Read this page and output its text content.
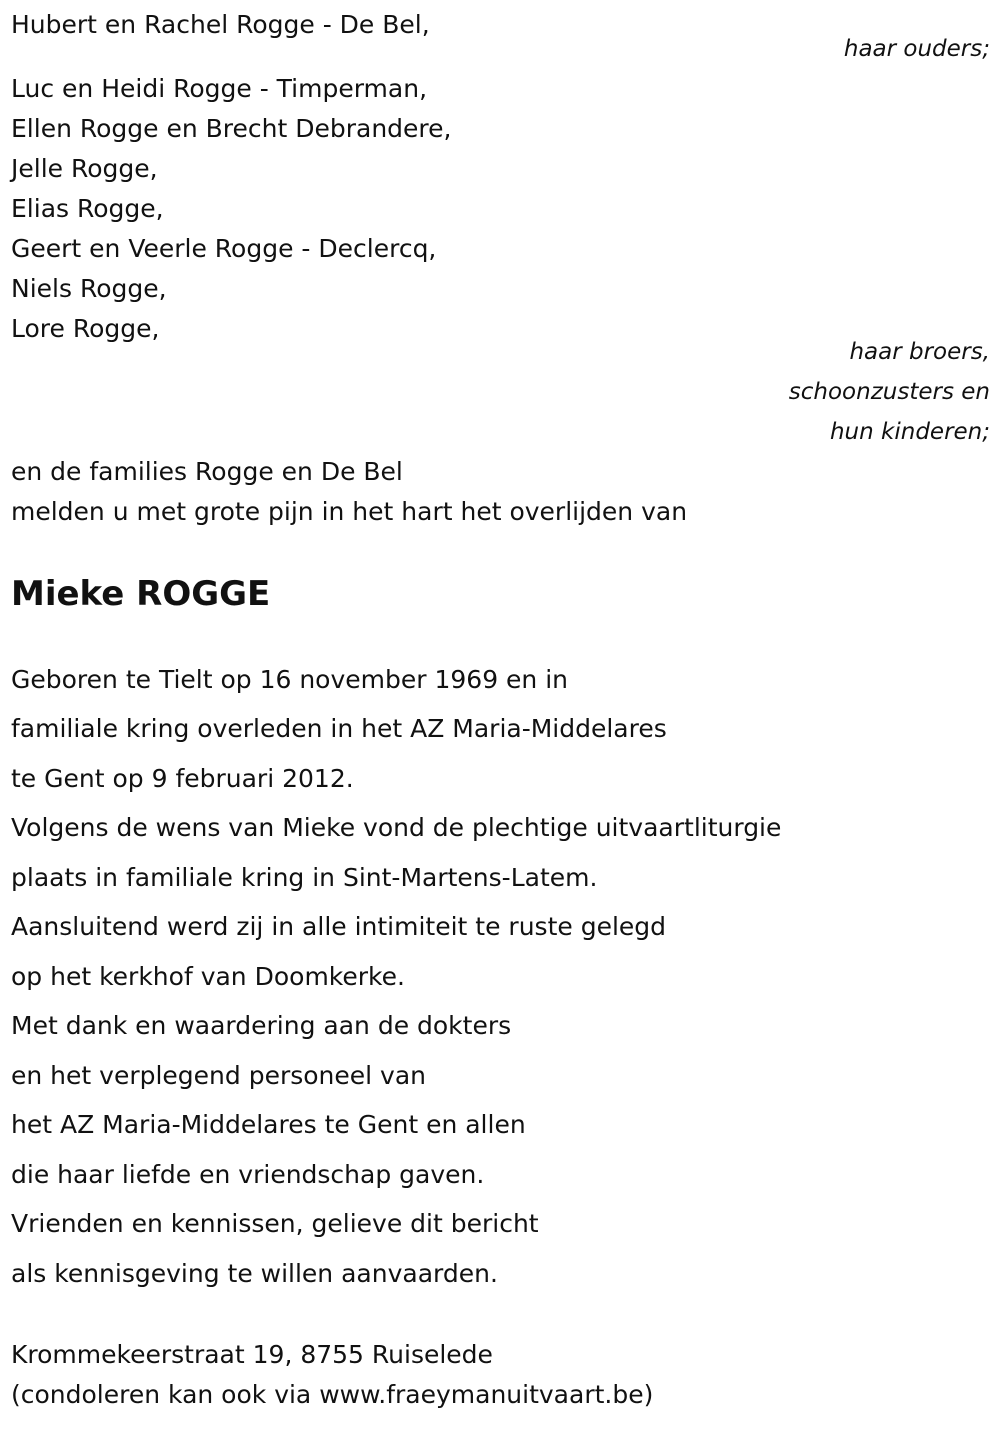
Hubert en Rachel Rogge - De Bel,
haar ouders;
Luc en Heidi Rogge - Timperman,
Ellen Rogge en Brecht Debrandere,
Jelle Rogge,
Elias Rogge,
Geert en Veerle Rogge - Declercq,
Niels Rogge,
Lore Rogge,
haar broers,
schoonzusters en
hun kinderen;
en de families Rogge en De Bel
melden u met grote pijn in het hart het overlijden van
Mieke ROGGE
Geboren te Tielt op 16 november 1969 en in
familiale kring overleden in het AZ Maria-Middelares
te Gent op 9 februari 2012.
Volgens de wens van Mieke vond de plechtige uitvaartliturgie
plaats in familiale kring in Sint-Martens-Latem.
Aansluitend werd zij in alle intimiteit te ruste gelegd
op het kerkhof van Doomkerke.
Met dank en waardering aan de dokters
en het verplegend personeel van
het AZ Maria-Middelares te Gent en allen
die haar liefde en vriendschap gaven.
Vrienden en kennissen, gelieve dit bericht
als kennisgeving te willen aanvaarden.
Krommekeerstraat 19, 8755 Ruiselede
(condoleren kan ook via www.fraeymanuitvaart.be)
